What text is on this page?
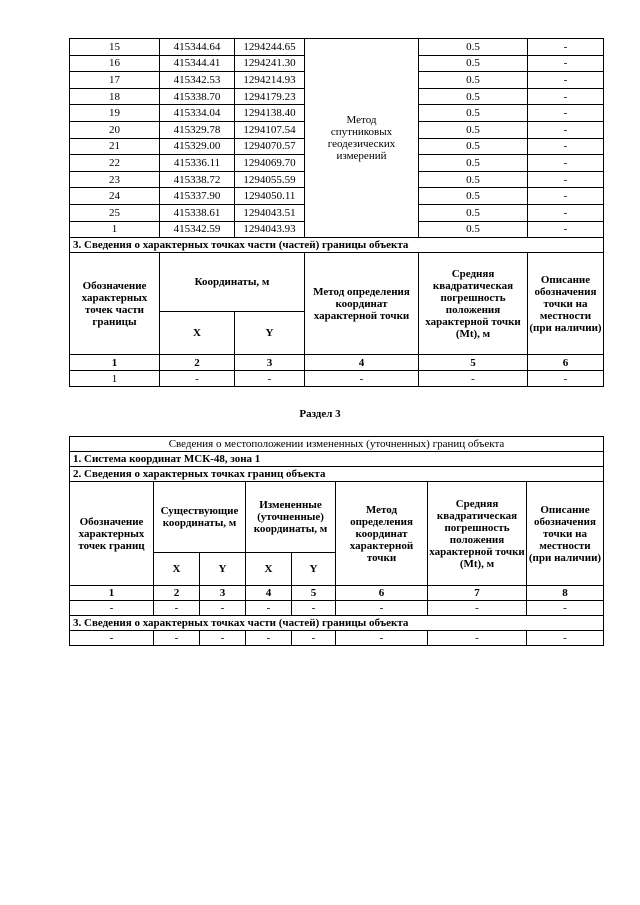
15	415344.64	1294244.65	Метод спутниковых геодезических измерений	0.5	-
16	415344.41	1294241.30		0.5	-
17	415342.53	1294214.93		0.5	-
18	415338.70	1294179.23		0.5	-
19	415334.04	1294138.40		0.5	-
20	415329.78	1294107.54		0.5	-
21	415329.00	1294070.57		0.5	-
22	415336.11	1294069.70		0.5	-
23	415338.72	1294055.59		0.5	-
24	415337.90	1294050.11		0.5	-
25	415338.61	1294043.51		0.5	-
1	415342.59	1294043.93		0.5	-
3. Сведения о характерных точках части (частей) границы объекта					
Обозначение характерных точек части границы	Координаты, м		Метод определения координат характерной точки	Средняя квадратическая погрешность положения характерной точки (Mt), м	Описание обозначения точки на местности (при наличии)
	X	Y			
1	2	3	4	5	6
1	-	-	-	-	-
Раздел 3
Сведения о местоположении измененных (уточненных) границ объекта							
1. Система координат МСК-48, зона 1							
2. Сведения о характерных точках границ объекта							
Обозначение характерных точек границ	Существующие координаты, м		Измененные (уточненные) координаты, м		Метод определения координат характерной точки	Средняя квадратическая погрешность положения характерной точки (Mt), м	Описание обозначения точки на местности (при наличии)
	X	Y	X	Y			
1	2	3	4	5	6	7	8
-	-	-	-	-	-	-	-
3. Сведения о характерных точках части (частей) границы объекта							
-	-	-	-	-	-	-	-
